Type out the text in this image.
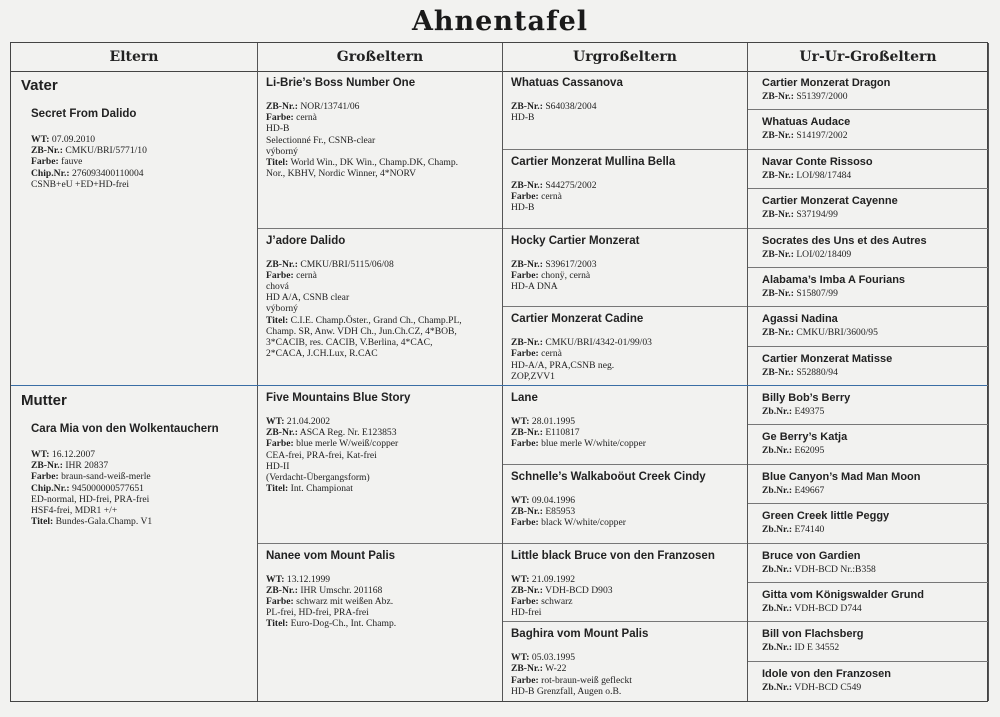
Ahnentafel
Eltern
Vater
Secret From Dalido
WT: 07.09.2010
ZB-Nr.: CMKU/BRI/5771/10
Farbe: fauve
Chip.Nr.: 276093400110004
CSNB+eU +ED+HD-frei
Mutter
Cara Mia von den Wolkentauchern
WT: 16.12.2007
ZB-Nr.: IHR 20837
Farbe: braun-sand-weiß-merle
Chip.Nr.: 945000000577651
ED-normal, HD-frei, PRA-frei
HSF4-frei, MDR1 +/+
Titel: Bundes-Gala.Champ. V1
Großeltern
Li-Brie’s Boss Number One
ZB-Nr.: NOR/13741/06
Farbe: cernà
HD-B
Selectionné Fr., CSNB-clear
výborný
Titel: World Win., DK Win., Champ.DK, Champ.
Nor., KBHV, Nordic Winner, 4*NORV
J’adore Dalido
ZB-Nr.: CMKU/BRI/5115/06/08
Farbe: cernà
chová
HD A/A, CSNB clear
výborný
Titel: C.I.E. Champ.Öster., Grand Ch., Champ.PL,
Champ. SR, Anw. VDH Ch., Jun.Ch.CZ, 4*BOB,
3*CACIB, res. CACIB, V.Berlina, 4*CAC,
2*CACA, J.CH.Lux, R.CAC
Five Mountains Blue Story
WT: 21.04.2002
ZB-Nr.: ASCA Reg. Nr. E123853
Farbe: blue merle W/weiß/copper
CEA-frei, PRA-frei, Kat-frei
HD-II
(Verdacht-Übergangsform)
Titel: Int. Championat
Nanee vom Mount Palis
WT: 13.12.1999
ZB-Nr.: IHR Umschr. 201168
Farbe: schwarz mit weißen Abz.
PL-frei, HD-frei, PRA-frei
Titel: Euro-Dog-Ch., Int. Champ.
Urgroßeltern
Whatuas Cassanova
ZB-Nr.: S64038/2004
HD-B
Cartier Monzerat Mullina Bella
ZB-Nr.: S44275/2002
Farbe: cernà
HD-B
Hocky Cartier Monzerat
ZB-Nr.: S39617/2003
Farbe: chonÿ, cernà
HD-A DNA
Cartier Monzerat Cadine
ZB-Nr.: CMKU/BRI/4342-01/99/03
Farbe: cernà
HD-A/A, PRA,CSNB neg.
ZOP,ZVV1
Lane
WT: 28.01.1995
ZB-Nr.: E110817
Farbe: blue merle W/white/copper
Schnelle’s Walkaboöut Creek Cindy
WT: 09.04.1996
ZB-Nr.: E85953
Farbe: black W/white/copper
Little black Bruce von den Franzosen
WT: 21.09.1992
ZB-Nr.: VDH-BCD D903
Farbe: schwarz
HD-frei
Baghira vom Mount Palis
WT: 05.03.1995
ZB-Nr.: W-22
Farbe: rot-braun-weiß gefleckt
HD-B Grenzfall, Augen o.B.
Ur-Ur-Großeltern
Cartier Monzerat Dragon
ZB-Nr.: S51397/2000
Whatuas Audace
ZB-Nr.: S14197/2002
Navar Conte Rissoso
ZB-Nr.: LOI/98/17484
Cartier Monzerat Cayenne
ZB-Nr.: S37194/99
Socrates des Uns et des Autres
ZB-Nr.: LOI/02/18409
Alabama’s Imba A Fourians
ZB-Nr.: S15807/99
Agassi Nadina
ZB-Nr.: CMKU/BRI/3600/95
Cartier Monzerat Matisse
ZB-Nr.: S52880/94
Billy Bob’s Berry
Zb.Nr.: E49375
Ge Berry’s Katja
Zb.Nr.: E62095
Blue Canyon’s Mad Man Moon
Zb.Nr.: E49667
Green Creek little Peggy
Zb.Nr.: E74140
Bruce von Gardien
Zb.Nr.: VDH-BCD Nr.:B358
Gitta vom Königswalder Grund
Zb.Nr.: VDH-BCD D744
Bill von Flachsberg
Zb.Nr.: ID E 34552
Idole von den Franzosen
Zb.Nr.: VDH-BCD C549
